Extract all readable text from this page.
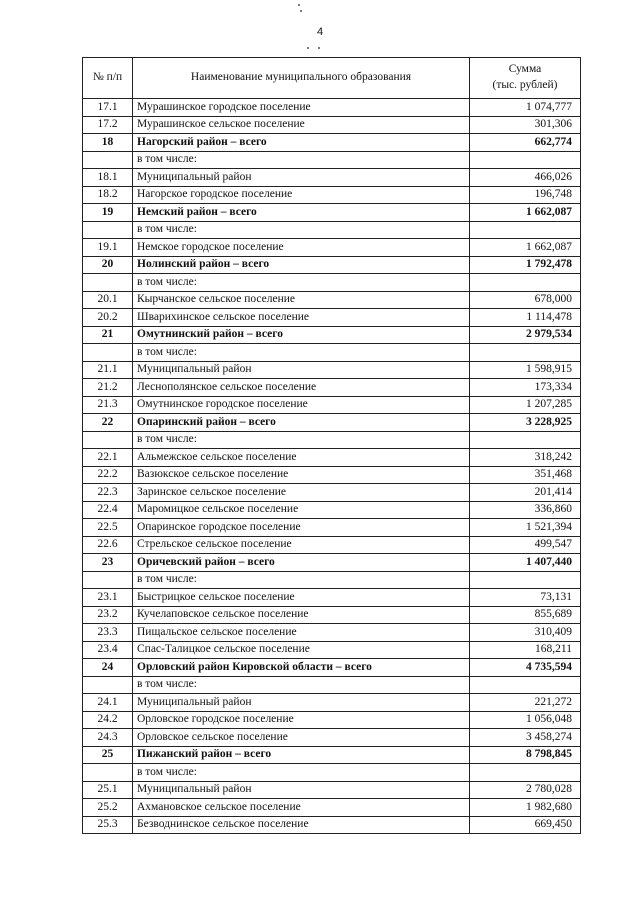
4
№ п/п	Наименование муниципального образования	Сумма
(тыс. рублей)
17.1	Мурашинское городское поселение	1 074,777
17.2	Мурашинское сельское поселение	301,306
18	Нагорский район – всего	662,774
	в том числе:	
18.1	Муниципальный район	466,026
18.2	Нагорское городское поселение	196,748
19	Немский район – всего	1 662,087
	в том числе:	
19.1	Немское городское поселение	1 662,087
20	Нолинский район – всего	1 792,478
	в том числе:	
20.1	Кырчанское сельское поселение	678,000
20.2	Шварихинское сельское поселение	1 114,478
21	Омутнинский район – всего	2 979,534
	в том числе:	
21.1	Муниципальный район	1 598,915
21.2	Леснополянское сельское поселение	173,334
21.3	Омутнинское городское поселение	1 207,285
22	Опаринский район – всего	3 228,925
	в том числе:	
22.1	Альмежское сельское поселение	318,242
22.2	Вазюкское сельское поселение	351,468
22.3	Заринское сельское поселение	201,414
22.4	Маромицкое сельское поселение	336,860
22.5	Опаринское городское поселение	1 521,394
22.6	Стрельское сельское поселение	499,547
23	Оричевский район – всего	1 407,440
	в том числе:	
23.1	Быстрицкое сельское поселение	73,131
23.2	Кучелаповское сельское поселение	855,689
23.3	Пищальское сельское поселение	310,409
23.4	Спас-Талицкое сельское поселение	168,211
24	Орловский район Кировской области – всего	4 735,594
	в том числе:	
24.1	Муниципальный район	221,272
24.2	Орловское городское поселение	1 056,048
24.3	Орловское сельское поселение	3 458,274
25	Пижанский район – всего	8 798,845
	в том числе:	
25.1	Муниципальный район	2 780,028
25.2	Ахмановское сельское поселение	1 982,680
25.3	Безводнинское сельское поселение	669,450
